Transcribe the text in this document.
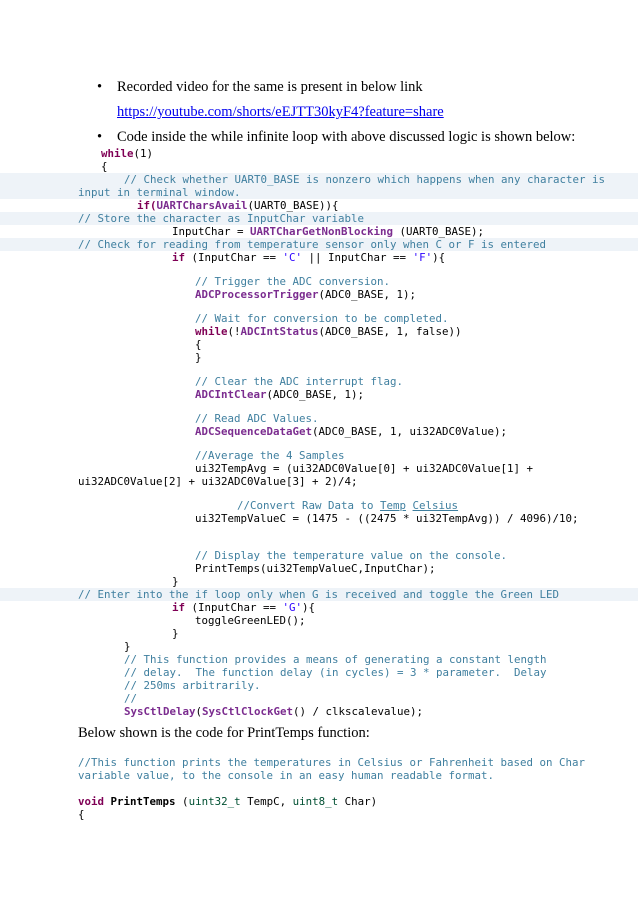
• Recorded video for the same is present in below link
https://youtube.com/shorts/eEJTT30kyF4?feature=share
• Code inside the while infinite loop with above discussed logic is shown below:
while(1)
{
// Check whether UART0_BASE is nonzero which happens when any character is
input in terminal window.
if(UARTCharsAvail(UART0_BASE)){
// Store the character as InputChar variable
InputChar = UARTCharGetNonBlocking (UART0_BASE);
// Check for reading from temperature sensor only when C or F is entered
if (InputChar == 'C' || InputChar == 'F'){
// Trigger the ADC conversion.
ADCProcessorTrigger(ADC0_BASE, 1);
// Wait for conversion to be completed.
while(!ADCIntStatus(ADC0_BASE, 1, false))
{
}
// Clear the ADC interrupt flag.
ADCIntClear(ADC0_BASE, 1);
// Read ADC Values.
ADCSequenceDataGet(ADC0_BASE, 1, ui32ADC0Value);
//Average the 4 Samples
ui32TempAvg = (ui32ADC0Value[0] + ui32ADC0Value[1] +
ui32ADC0Value[2] + ui32ADC0Value[3] + 2)/4;
//Convert Raw Data to Temp Celsius
ui32TempValueC = (1475 - ((2475 * ui32TempAvg)) / 4096)/10;
// Display the temperature value on the console.
PrintTemps(ui32TempValueC,InputChar);
}
// Enter into the if loop only when G is received and toggle the Green LED
if (InputChar == 'G'){
toggleGreenLED();
}
}
// This function provides a means of generating a constant length
// delay.  The function delay (in cycles) = 3 * parameter.  Delay
// 250ms arbitrarily.
//
SysCtlDelay(SysCtlClockGet() / clkscalevalue);
Below shown is the code for PrintTemps function:
//This function prints the temperatures in Celsius or Fahrenheit based on Char
variable value, to the console in an easy human readable format.
void PrintTemps (uint32_t TempC, uint8_t Char)
{
